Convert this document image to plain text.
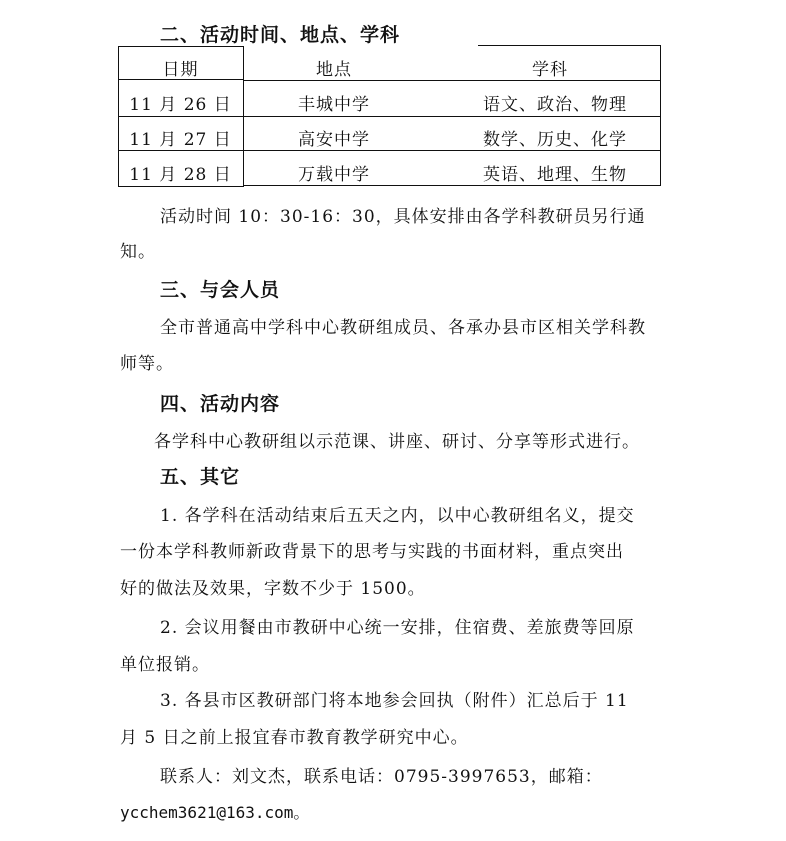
二、活动时间、地点、学科
日期	地点	学科
11 月 26 日	丰城中学	语文、政治、物理
11 月 27 日	高安中学	数学、历史、化学
11 月 28 日	万载中学	英语、地理、生物
活动时间 10：30-16：30，具体安排由各学科教研员另行通
知。
三、与会人员
全市普通高中学科中心教研组成员、各承办县市区相关学科教
师等。
四、活动内容
各学科中心教研组以示范课、讲座、研讨、分享等形式进行。
五、其它
1. 各学科在活动结束后五天之内，以中心教研组名义，提交
一份本学科教师新政背景下的思考与实践的书面材料，重点突出
好的做法及效果，字数不少于 1500。
2. 会议用餐由市教研中心统一安排，住宿费、差旅费等回原
单位报销。
3. 各县市区教研部门将本地参会回执（附件）汇总后于 11
月 5 日之前上报宜春市教育教学研究中心。
联系人：刘文杰，联系电话：0795-3997653，邮箱：
ycchem3621@163.com。
